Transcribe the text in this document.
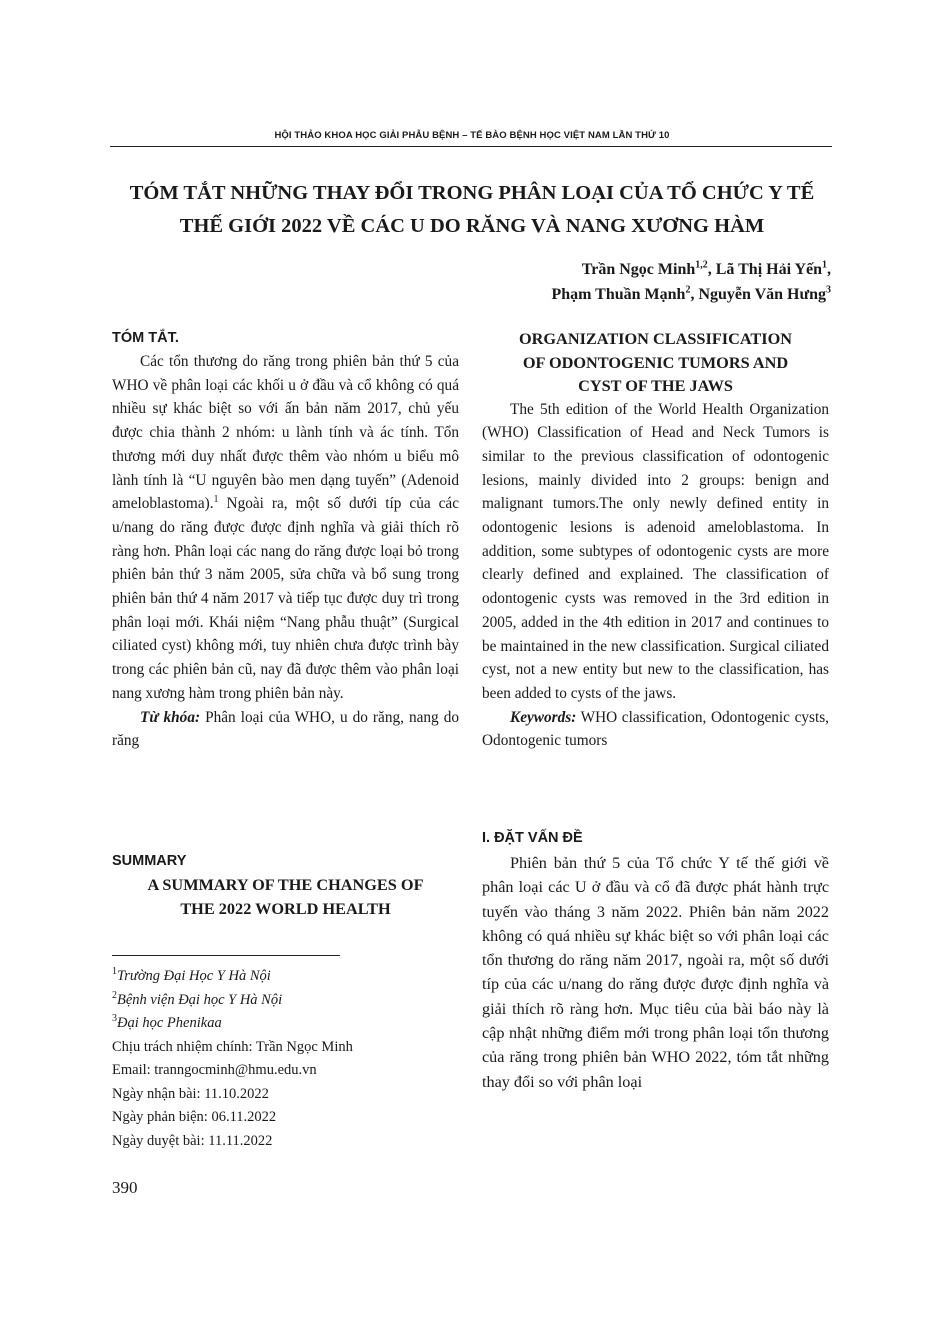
HỘI THẢO KHOA HỌC GIẢI PHẪU BỆNH – TẾ BÀO BỆNH HỌC VIỆT NAM LẦN THỨ 10
TÓM TẮT NHỮNG THAY ĐỔI TRONG PHÂN LOẠI CỦA TỔ CHỨC Y TẾ
THẾ GIỚI 2022 VỀ CÁC U DO RĂNG VÀ NANG XƯƠNG HÀM
Trần Ngọc Minh$^{1,2}$, Lã Thị Hải Yến$^1$,
Phạm Thuần Mạnh$^2$, Nguyễn Văn Hưng$^3$
TÓM TẮT.

Các tổn thương do răng trong phiên bản thứ 5 của WHO về phân loại các khối u ở đầu và cổ không có quá nhiều sự khác biệt so với ấn bản năm 2017, chủ yếu được chia thành 2 nhóm: u lành tính và ác tính. Tổn thương mới duy nhất được thêm vào nhóm u biểu mô lành tính là “U nguyên bào men dạng tuyến” (Adenoid ameloblastoma).$^1$ Ngoài ra, một số dưới típ của các u/nang do răng được được định nghĩa và giải thích rõ ràng hơn. Phân loại các nang do răng được loại bỏ trong phiên bản thứ 3 năm 2005, sửa chữa và bổ sung trong phiên bản thứ 4 năm 2017 và tiếp tục được duy trì trong phân loại mới. Khái niệm “Nang phẫu thuật” (Surgical ciliated cyst) không mới, tuy nhiên chưa được trình bày trong các phiên bản cũ, nay đã được thêm vào phân loại nang xương hàm trong phiên bản này.

Từ khóa: Phân loại của WHO, u do răng, nang do răng

SUMMARY

A SUMMARY OF THE CHANGES OF

THE 2022 WORLD HEALTH

$^1$Trường Đại Học Y Hà Nội
$^2$Bệnh viện Đại học Y Hà Nội
$^3$Đại học Phenikaa
Chịu trách nhiệm chính: Trần Ngọc Minh
Email: tranngocminh@hmu.edu.vn
Ngày nhận bài: 11.10.2022
Ngày phản biện: 06.11.2022
Ngày duyệt bài: 11.11.2022
390

ORGANIZATION CLASSIFICATION

OF ODONTOGENIC TUMORS AND

CYST OF THE JAWS

The 5th edition of the World Health Organization (WHO) Classification of Head and Neck Tumors is similar to the previous classification of odontogenic lesions, mainly divided into 2 groups: benign and malignant tumors.The only newly defined entity in odontogenic lesions is adenoid ameloblastoma. In addition, some subtypes of odontogenic cysts are more clearly defined and explained. The classification of odontogenic cysts was removed in the 3rd edition in 2005, added in the 4th edition in 2017 and continues to be maintained in the new classification. Surgical ciliated cyst, not a new entity but new to the classification, has been added to cysts of the jaws.

Keywords: WHO classification, Odontogenic cysts, Odontogenic tumors

I. ĐẶT VẤN ĐỀ

Phiên bản thứ 5 của Tổ chức Y tế thế giới về phân loại các U ở đầu và cổ đã được phát hành trực tuyến vào tháng 3 năm 2022. Phiên bản năm 2022 không có quá nhiều sự khác biệt so với phân loại các tổn thương do răng năm 2017, ngoài ra, một số dưới típ của các u/nang do răng được được định nghĩa và giải thích rõ ràng hơn. Mục tiêu của bài báo này là cập nhật những điểm mới trong phân loại tổn thương của răng trong phiên bản WHO 2022, tóm tắt những thay đổi so với phân loại
